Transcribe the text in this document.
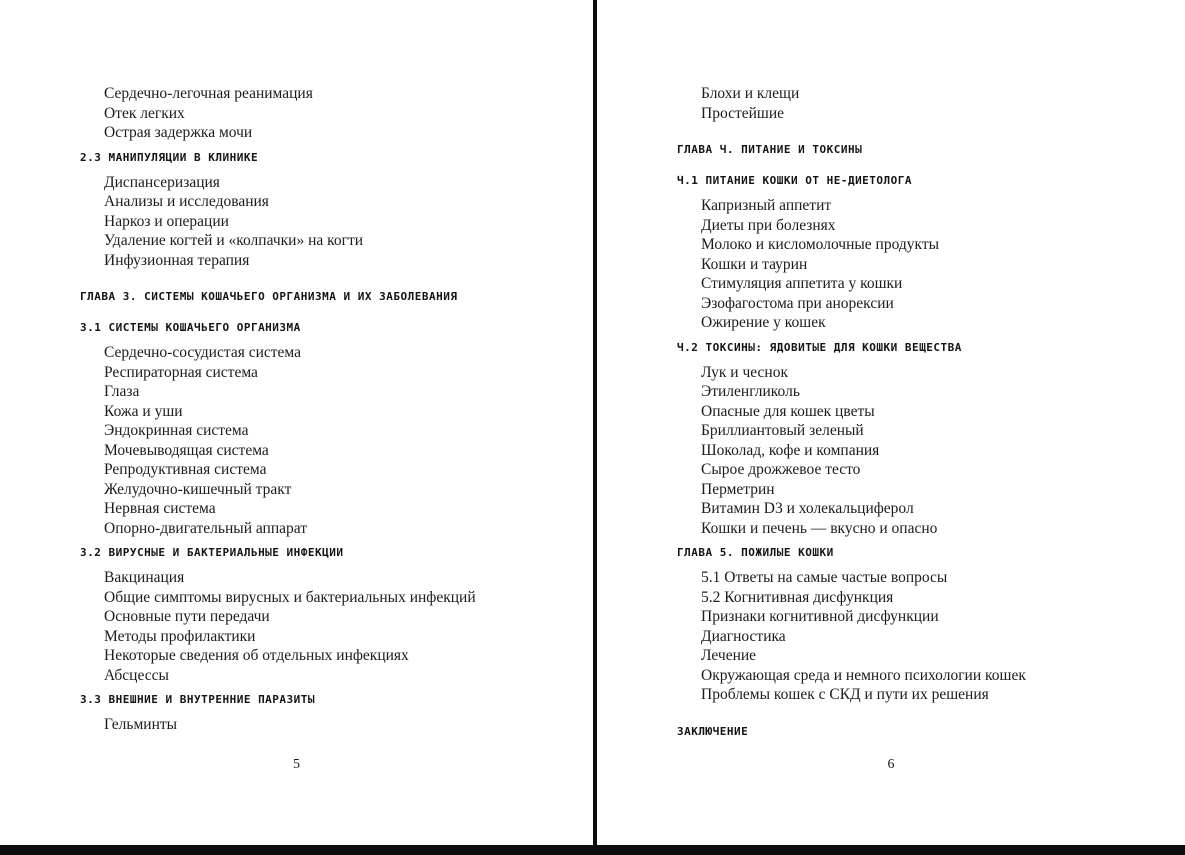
Сердечно-легочная реанимация
Отек легких
Острая задержка мочи
2.3 МАНИПУЛЯЦИИ В КЛИНИКЕ
Диспансеризация
Анализы и исследования
Наркоз и операции
Удаление когтей и «колпачки» на когти
Инфузионная терапия
ГЛАВА 3. СИСТЕМЫ КОШАЧЬЕГО ОРГАНИЗМА И ИХ ЗАБОЛЕВАНИЯ
3.1 СИСТЕМЫ КОШАЧЬЕГО ОРГАНИЗМА
Сердечно-сосудистая система
Респираторная система
Глаза
Кожа и уши
Эндокринная система
Мочевыводящая система
Репродуктивная система
Желудочно-кишечный тракт
Нервная система
Опорно-двигательный аппарат
3.2 ВИРУСНЫЕ И БАКТЕРИАЛЬНЫЕ ИНФЕКЦИИ
Вакцинация
Общие симптомы вирусных и бактериальных инфекций
Основные пути передачи
Методы профилактики
Некоторые сведения об отдельных инфекциях
Абсцессы
3.3 ВНЕШНИЕ И ВНУТРЕННИЕ ПАРАЗИТЫ
Гельминты
5
Блохи и клещи
Простейшие
ГЛАВА Ч. ПИТАНИЕ И ТОКСИНЫ
Ч.1 ПИТАНИЕ КОШКИ ОТ НЕ-ДИЕТОЛОГА
Капризный аппетит
Диеты при болезнях
Молоко и кисломолочные продукты
Кошки и таурин
Стимуляция аппетита у кошки
Эзофагостома при анорексии
Ожирение у кошек
Ч.2 ТОКСИНЫ: ЯДОВИТЫЕ ДЛЯ КОШКИ ВЕЩЕСТВА
Лук и чеснок
Этиленгликоль
Опасные для кошек цветы
Бриллиантовый зеленый
Шоколад, кофе и компания
Сырое дрожжевое тесто
Перметрин
Витамин D3 и холекальциферол
Кошки и печень — вкусно и опасно
ГЛАВА 5. ПОЖИЛЫЕ КОШКИ
5.1 Ответы на самые частые вопросы
5.2 Когнитивная дисфункция
Признаки когнитивной дисфункции
Диагностика
Лечение
Окружающая среда и немного психологии кошек
Проблемы кошек с СКД и пути их решения
ЗАКЛЮЧЕНИЕ
6
